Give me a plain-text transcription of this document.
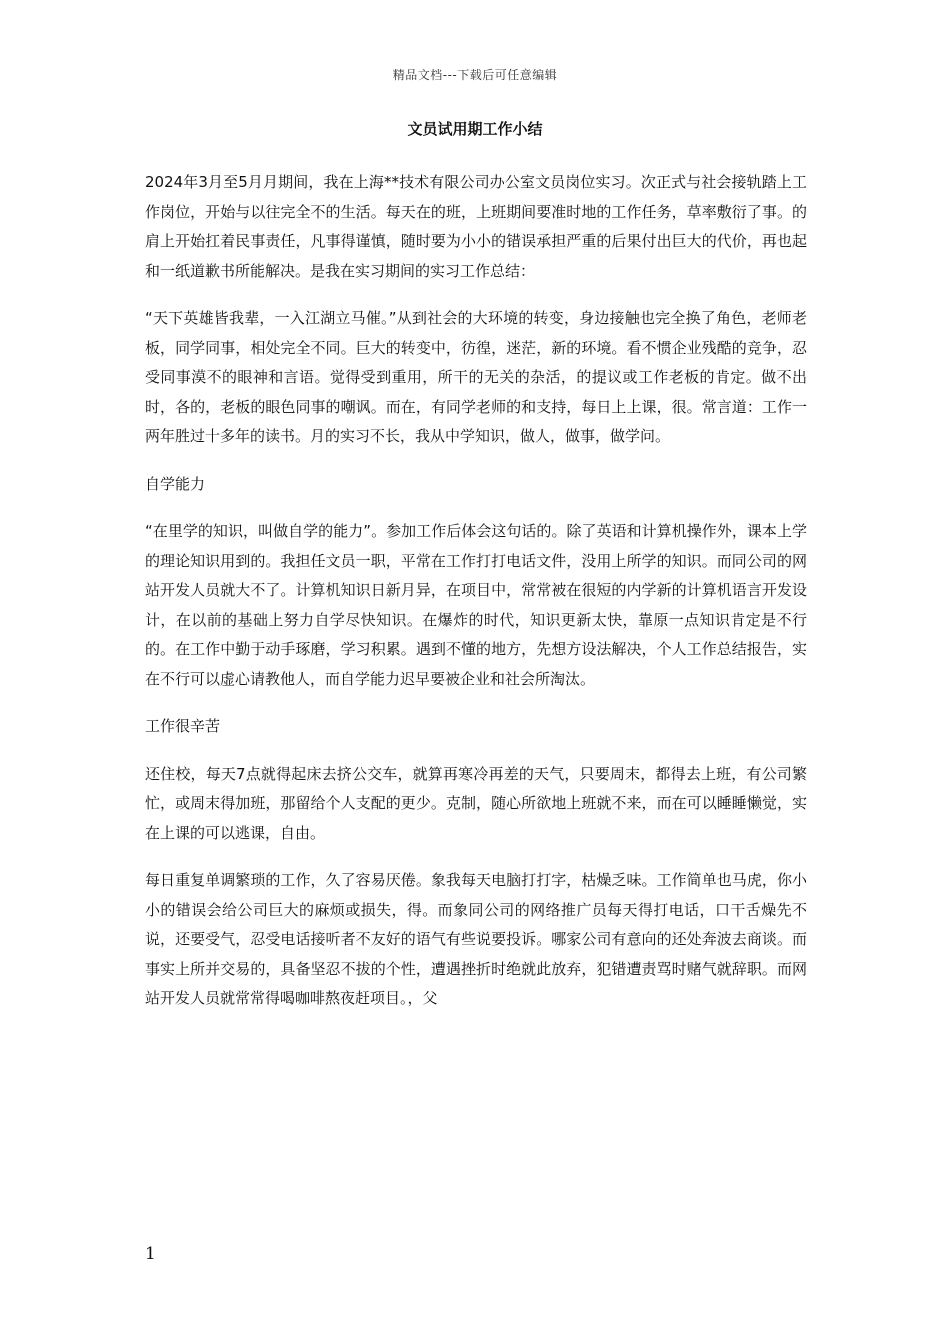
精品文档---下载后可任意编辑
文员试用期工作小结

2024年3月至5月月期间，我在上海**技术有限公司办公室文员岗位实习。次正式与社会接轨踏上工作岗位，开始与以往完全不的生活。每天在的班，上班期间要准时地的工作任务，草率敷衍了事。的肩上开始扛着民事责任，凡事得谨慎，随时要为小小的错误承担严重的后果付出巨大的代价，再也起和一纸道歉书所能解决。是我在实习期间的实习工作总结：

“天下英雄皆我辈，一入江湖立马催。”从到社会的大环境的转变，身边接触也完全换了角色，老师老板，同学同事，相处完全不同。巨大的转变中，彷徨，迷茫，新的环境。看不惯企业残酷的竞争，忍受同事漠不的眼神和言语。觉得受到重用，所干的无关的杂活，的提议或工作老板的肯定。做不出时，各的，老板的眼色同事的嘲讽。而在，有同学老师的和支持，每日上上课，很。常言道：工作一两年胜过十多年的读书。月的实习不长，我从中学知识，做人，做事，做学问。

自学能力

“在里学的知识，叫做自学的能力”。参加工作后体会这句话的。除了英语和计算机操作外，课本上学的理论知识用到的。我担任文员一职，平常在工作打打电话文件，没用上所学的知识。而同公司的网站开发人员就大不了。计算机知识日新月异，在项目中，常常被在很短的内学新的计算机语言开发设计，在以前的基础上努力自学尽快知识。在爆炸的时代，知识更新太快，靠原一点知识肯定是不行的。在工作中勤于动手琢磨，学习积累。遇到不懂的地方，先想方设法解决，个人工作总结报告，实在不行可以虚心请教他人，而自学能力迟早要被企业和社会所淘汰。

工作很辛苦

还住校，每天7点就得起床去挤公交车，就算再寒冷再差的天气，只要周末，都得去上班，有公司繁忙，或周末得加班，那留给个人支配的更少。克制，随心所欲地上班就不来，而在可以睡睡懒觉，实在上课的可以逃课，自由。

每日重复单调繁琐的工作，久了容易厌倦。象我每天电脑打打字，枯燥乏味。工作简单也马虎，你小小的错误会给公司巨大的麻烦或损失，得。而象同公司的网络推广员每天得打电话，口干舌燥先不说，还要受气，忍受电话接听者不友好的语气有些说要投诉。哪家公司有意向的还处奔波去商谈。而事实上所并交易的，具备坚忍不拔的个性，遭遇挫折时绝就此放弃，犯错遭责骂时赌气就辞职。而网站开发人员就常常得喝咖啡熬夜赶项目。，父

1
